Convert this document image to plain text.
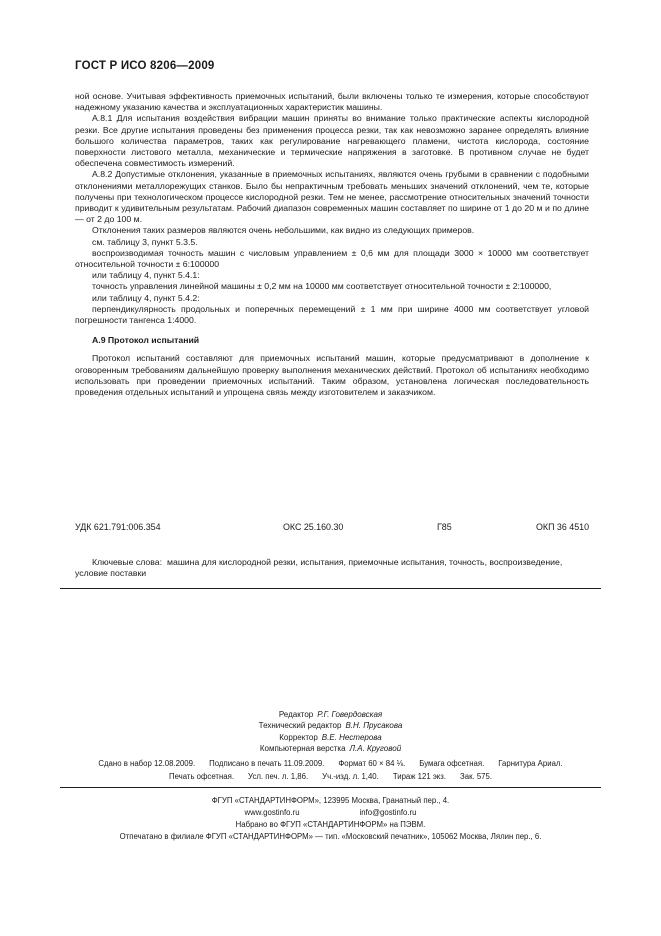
ГОСТ Р ИСО 8206—2009

ной основе. Учитывая эффективность приемочных испытаний, были включены только те измерения, которые способствуют надежному указанию качества и эксплуатационных характеристик машины.

А.8.1 Для испытания воздействия вибрации машин приняты во внимание только практические аспекты кислородной резки. Все другие испытания проведены без применения процесса резки, так как невозможно заранее определять влияние большого количества параметров, таких как регулирование нагревающего пламени, чистота кислорода, состояние поверхности листового металла, механические и термические напряжения в заготовке. В противном случае не будет обеспечена совместимость измерений.

А.8.2 Допустимые отклонения, указанные в приемочных испытаниях, являются очень грубыми в сравнении с подобными отклонениями металлорежущих станков. Было бы непрактичным требовать меньших значений отклонений, чем те, которые получены при технологическом процессе кислородной резки. Тем не менее, рассмотрение относительных значений точности приводит к удивительным результатам. Рабочий диапазон современных машин составляет по ширине от 1 до 20 м и по длине — от 2 до 100 м.

Отклонения таких размеров являются очень небольшими, как видно из следующих примеров.

см. таблицу 3, пункт 5.3.5.

воспроизводимая точность машин с числовым управлением ± 0,6 мм для площади 3000 × 10000 мм соответствует относительной точности ± 6:100000

или таблицу 4, пункт 5.4.1:

точность управления линейной машины ± 0,2 мм на 10000 мм соответствует относительной точности ± 2:100000,

или таблицу 4, пункт 5.4.2:

перпендикулярность продольных и поперечных перемещений ± 1 мм при ширине 4000 мм соответствует угловой погрешности тангенса 1:4000.

А.9 Протокол испытаний

Протокол испытаний составляют для приемочных испытаний машин, которые предусматривают в дополнение к оговоренным требованиям дальнейшую проверку выполнения механических действий. Протокол об испытаниях необходимо использовать при проведении приемочных испытаний. Таким образом, установлена логическая последовательность проведения отдельных испытаний и упрощена связь между изготовителем и заказчиком.

УДК 621.791:006.354	ОКС 25.160.30	Г85	ОКП 36 4510

Ключевые слова: машина для кислородной резки, испытания, приемочные испытания, точность, воспроизведение, условие поставки

Редактор Р.Г. Говердовская
Технический редактор В.Н. Прусакова
Корректор В.Е. Нестерова
Компьютерная верстка Л.А. Круговой
Сдано в набор 12.08.2009. Подписано в печать 11.09.2009. Формат 60 × 84 ⅛. Бумага офсетная. Гарнитура Ариал.
Печать офсетная. Усл. печ. л. 1,86. Уч.-изд. л. 1,40. Тираж 121 экз. Зак. 575.
ФГУП «СТАНДАРТИНФОРМ», 123995 Москва, Гранатный пер., 4.
www.gostinfo.ru	info@gostinfo.ru
Набрано во ФГУП «СТАНДАРТИНФОРМ» на ПЭВМ.
Отпечатано в филиале ФГУП «СТАНДАРТИНФОРМ» — тип. «Московский печатник», 105062 Москва, Лялин пер., 6.
